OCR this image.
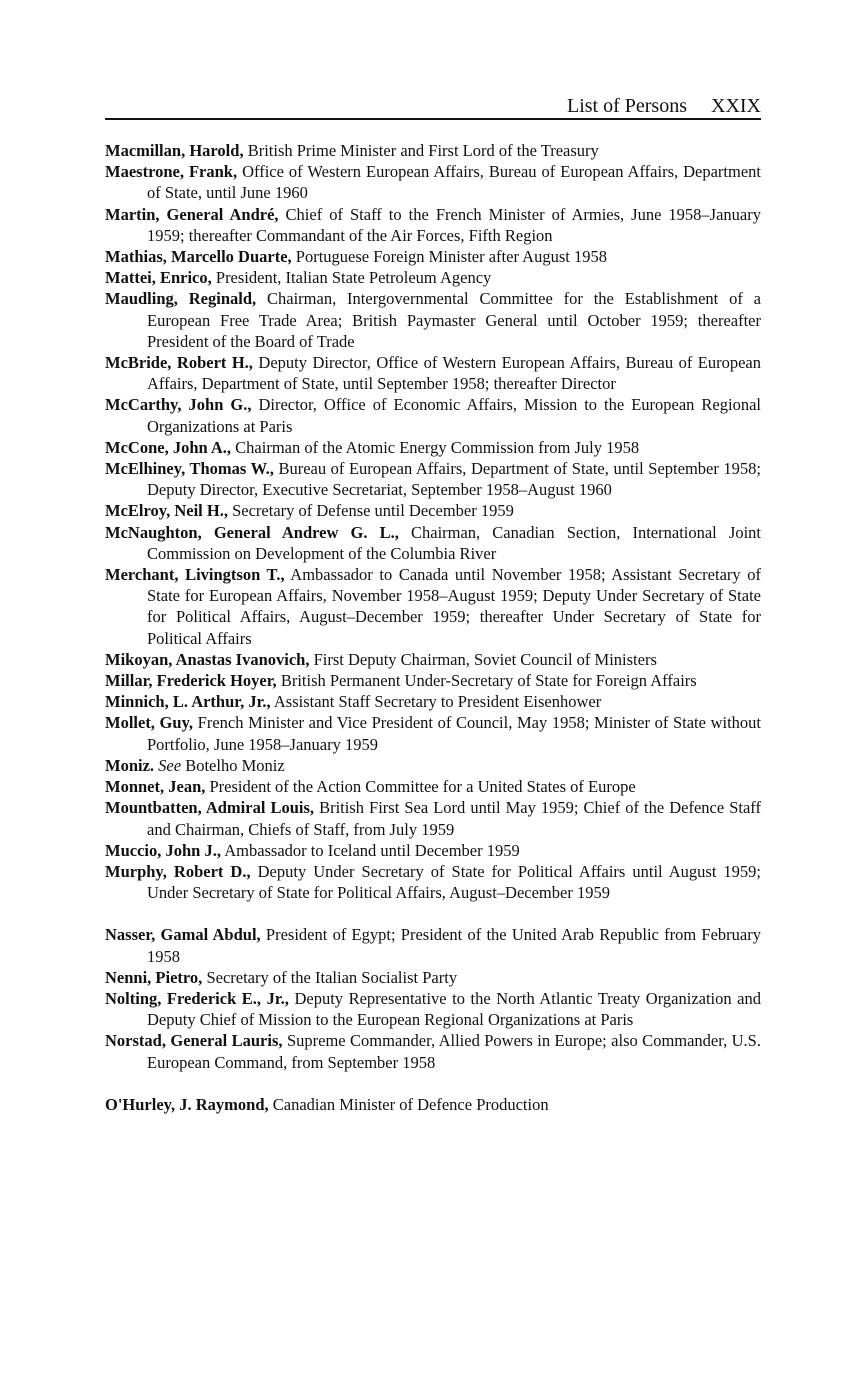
List of Persons XXIX
Macmillan, Harold, British Prime Minister and First Lord of the Treasury
Maestrone, Frank, Office of Western European Affairs, Bureau of European Affairs, Department of State, until June 1960
Martin, General André, Chief of Staff to the French Minister of Armies, June 1958–January 1959; thereafter Commandant of the Air Forces, Fifth Region
Mathias, Marcello Duarte, Portuguese Foreign Minister after August 1958
Mattei, Enrico, President, Italian State Petroleum Agency
Maudling, Reginald, Chairman, Intergovernmental Committee for the Establishment of a European Free Trade Area; British Paymaster General until October 1959; thereafter President of the Board of Trade
McBride, Robert H., Deputy Director, Office of Western European Affairs, Bureau of European Affairs, Department of State, until September 1958; thereafter Director
McCarthy, John G., Director, Office of Economic Affairs, Mission to the European Regional Organizations at Paris
McCone, John A., Chairman of the Atomic Energy Commission from July 1958
McElhiney, Thomas W., Bureau of European Affairs, Department of State, until September 1958; Deputy Director, Executive Secretariat, September 1958–August 1960
McElroy, Neil H., Secretary of Defense until December 1959
McNaughton, General Andrew G. L., Chairman, Canadian Section, International Joint Commission on Development of the Columbia River
Merchant, Livingtson T., Ambassador to Canada until November 1958; Assistant Secretary of State for European Affairs, November 1958–August 1959; Deputy Under Secretary of State for Political Affairs, August–December 1959; thereafter Under Secretary of State for Political Affairs
Mikoyan, Anastas Ivanovich, First Deputy Chairman, Soviet Council of Ministers
Millar, Frederick Hoyer, British Permanent Under-Secretary of State for Foreign Affairs
Minnich, L. Arthur, Jr., Assistant Staff Secretary to President Eisenhower
Mollet, Guy, French Minister and Vice President of Council, May 1958; Minister of State without Portfolio, June 1958–January 1959
Moniz. See Botelho Moniz
Monnet, Jean, President of the Action Committee for a United States of Europe
Mountbatten, Admiral Louis, British First Sea Lord until May 1959; Chief of the Defence Staff and Chairman, Chiefs of Staff, from July 1959
Muccio, John J., Ambassador to Iceland until December 1959
Murphy, Robert D., Deputy Under Secretary of State for Political Affairs until August 1959; Under Secretary of State for Political Affairs, August–December 1959
Nasser, Gamal Abdul, President of Egypt; President of the United Arab Republic from February 1958
Nenni, Pietro, Secretary of the Italian Socialist Party
Nolting, Frederick E., Jr., Deputy Representative to the North Atlantic Treaty Organization and Deputy Chief of Mission to the European Regional Organizations at Paris
Norstad, General Lauris, Supreme Commander, Allied Powers in Europe; also Commander, U.S. European Command, from September 1958
O'Hurley, J. Raymond, Canadian Minister of Defence Production
